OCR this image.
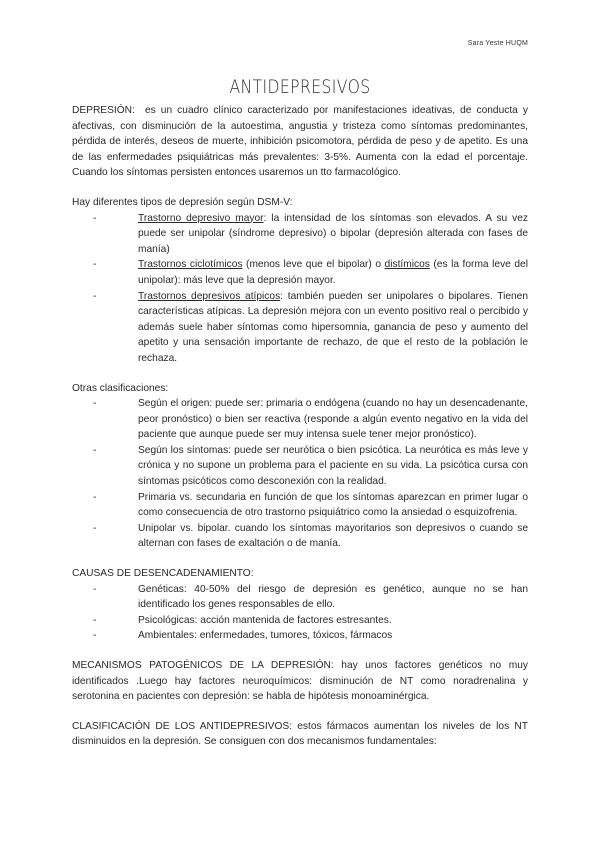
Sara Yeste HUQM
ANTIDEPRESIVOS

DEPRESIÓN:  es un cuadro clínico caracterizado por manifestaciones ideativas, de conducta y afectivas, con disminución de la autoestima, angustia y tristeza como síntomas predominantes, pérdida de interés, deseos de muerte, inhibición psicomotora, pérdida de peso y de apetito. Es una de las enfermedades psiquiátricas más prevalentes: 3-5%. Aumenta con la edad el porcentaje. Cuando los síntomas persisten entonces usaremos un tto farmacológico.

Hay diferentes tipos de depresión según DSM-V:

- Trastorno depresivo mayor: la intensidad de los síntomas son elevados. A su vez puede ser unipolar (síndrome depresivo) o bipolar (depresión alterada con fases de manía)
- Trastornos ciclotímicos (menos leve que el bipolar) o distímicos (es la forma leve del unipolar): más leve que la depresión mayor.
- Trastornos depresivos atípicos: también pueden ser unipolares o bipolares. Tienen características atípicas. La depresión mejora con un evento positivo real o percibido y además suele haber síntomas como hipersomnia, ganancia de peso y aumento del apetito y una sensación importante de rechazo, de que el resto de la población le rechaza.

Otras clasificaciones:

- Según el origen: puede ser: primaria o endógena (cuando no hay un desencadenante, peor pronóstico) o bien ser reactiva (responde a algún evento negativo en la vida del paciente que aunque puede ser muy intensa suele tener mejor pronóstico).
- Según los síntomas: puede ser neurótica o bien psicótica. La neurótica es más leve y crónica y no supone un problema para el paciente en su vida. La psicótica cursa con síntomas psicóticos como desconexión con la realidad.
- Primaria vs. secundaria en función de que los síntomas aparezcan en primer lugar o como consecuencia de otro trastorno psiquiátrico como la ansiedad o esquizofrenia.
- Unipolar vs. bipolar. cuando los síntomas mayoritarios son depresivos o cuando se alternan con fases de exaltación o de manía.

CAUSAS DE DESENCADENAMIENTO:

- Genéticas: 40-50% del riesgo de depresión es genético, aunque no se han identificado los genes responsables de ello.
- Psicológicas: acción mantenida de factores estresantes.
- Ambientales: enfermedades, tumores, tóxicos, fármacos

MECANISMOS PATOGÉNICOS DE LA DEPRESIÓN: hay unos factores genéticos no muy identificados .Luego hay factores neuroquímicos: disminución de NT como noradrenalina y serotonina en pacientes con depresión: se habla de hipótesis monoaminérgica.

CLASIFICACIÓN DE LOS ANTIDEPRESIVOS: estos fármacos aumentan los niveles de los NT disminuidos en la depresión. Se consiguen con dos mecanismos fundamentales:
